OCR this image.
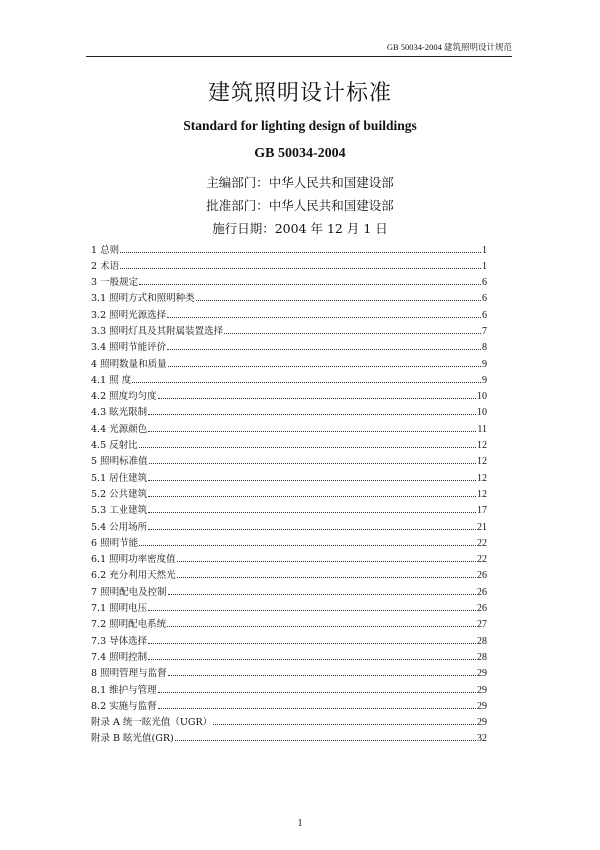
GB 50034-2004 建筑照明设计规范
建筑照明设计标准
Standard for lighting design of buildings
GB 50034-2004
主编部门：中华人民共和国建设部
批准部门：中华人民共和国建设部
施行日期：2004 年 12 月 1 日
1 总则	1
2 术语	1
3 一般规定	6
3.1 照明方式和照明种类	6
3.2 照明光源选择	6
3.3 照明灯具及其附属装置选择	7
3.4 照明节能评价	8
4 照明数量和质量	9
4.1 照 度	9
4.2 照度均匀度	10
4.3 眩光限制	10
4.4 光源颜色	11
4.5 反射比	12
5 照明标准值	12
5.1 居住建筑	12
5.2 公共建筑	12
5.3 工业建筑	17
5.4 公用场所	21
6 照明节能	22
6.1 照明功率密度值	22
6.2 充分利用天然光	26
7 照明配电及控制	26
7.1 照明电压	26
7.2 照明配电系统	27
7.3 导体选择	28
7.4 照明控制	28
8 照明管理与监督	29
8.1 维护与管理	29
8.2 实施与监督	29
附录 A 统一眩光值（UGR）	29
附录 B 眩光值(GR)	32
1
